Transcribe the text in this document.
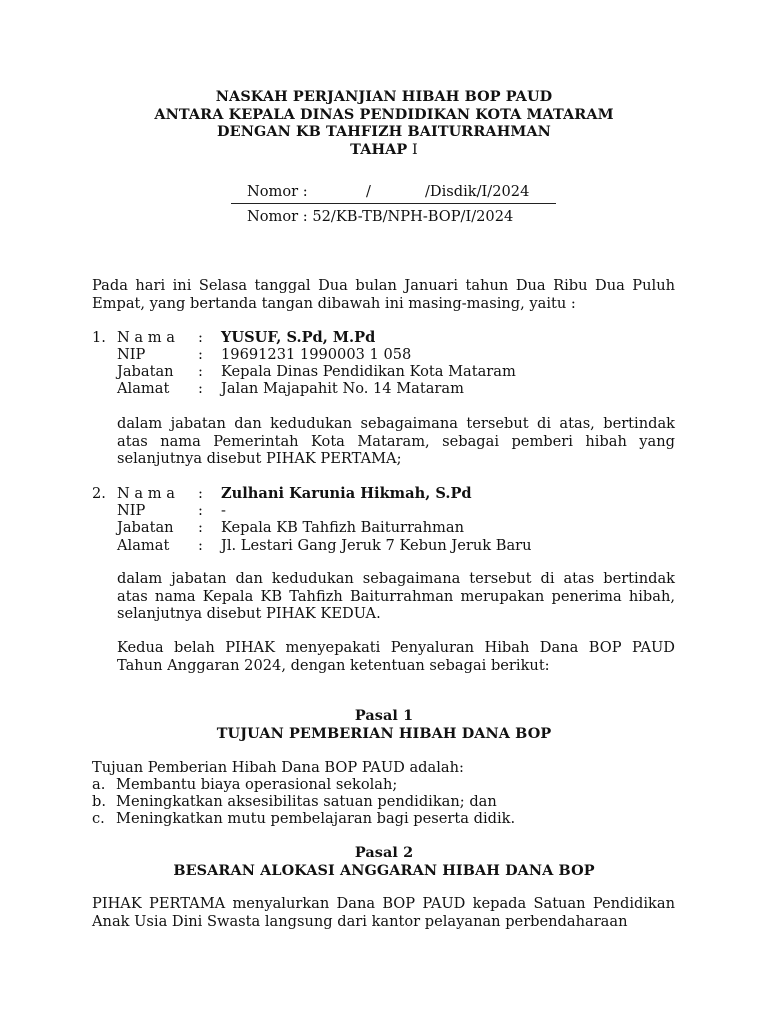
NASKAH PERJANJIAN HIBAH BOP PAUD
ANTARA KEPALA DINAS PENDIDIKAN KOTA MATARAM
DENGAN KB TAHFIZH BAITURRAHMAN
TAHAP I
Nomor :	/	/Disdik/I/2024
Nomor : 52/KB-TB/NPH-BOP/I/2024
Pada hari ini Selasa tanggal Dua bulan Januari tahun Dua Ribu Dua Puluh Empat, yang bertanda tangan dibawah ini masing-masing, yaitu :
1. N a m a : YUSUF, S.Pd, M.Pd
NIP	: 19691231 1990003 1 058
Jabatan : Kepala Dinas Pendidikan Kota Mataram
Alamat : Jalan Majapahit No. 14 Mataram
dalam jabatan dan kedudukan sebagaimana tersebut di atas, bertindak atas nama Pemerintah Kota Mataram, sebagai pemberi hibah yang selanjutnya disebut PIHAK PERTAMA;
2. N a m a : Zulhani Karunia Hikmah, S.Pd
NIP	: -
Jabatan : Kepala KB Tahfizh Baiturrahman
Alamat : Jl. Lestari Gang Jeruk 7 Kebun Jeruk Baru
dalam jabatan dan kedudukan sebagaimana tersebut di atas bertindak atas nama Kepala KB Tahfizh Baiturrahman merupakan penerima hibah, selanjutnya disebut PIHAK KEDUA.
Kedua belah PIHAK menyepakati Penyaluran Hibah Dana BOP PAUD Tahun Anggaran 2024, dengan ketentuan sebagai berikut:
Pasal 1
TUJUAN PEMBERIAN HIBAH DANA BOP
Tujuan Pemberian Hibah Dana BOP PAUD adalah:
a. Membantu biaya operasional sekolah;
b. Meningkatkan aksesibilitas satuan pendidikan; dan
c. Meningkatkan mutu pembelajaran bagi peserta didik.
Pasal 2
BESARAN ALOKASI ANGGARAN HIBAH DANA BOP
PIHAK PERTAMA menyalurkan Dana BOP PAUD kepada Satuan Pendidikan Anak Usia Dini Swasta langsung dari kantor pelayanan perbendaharaan
